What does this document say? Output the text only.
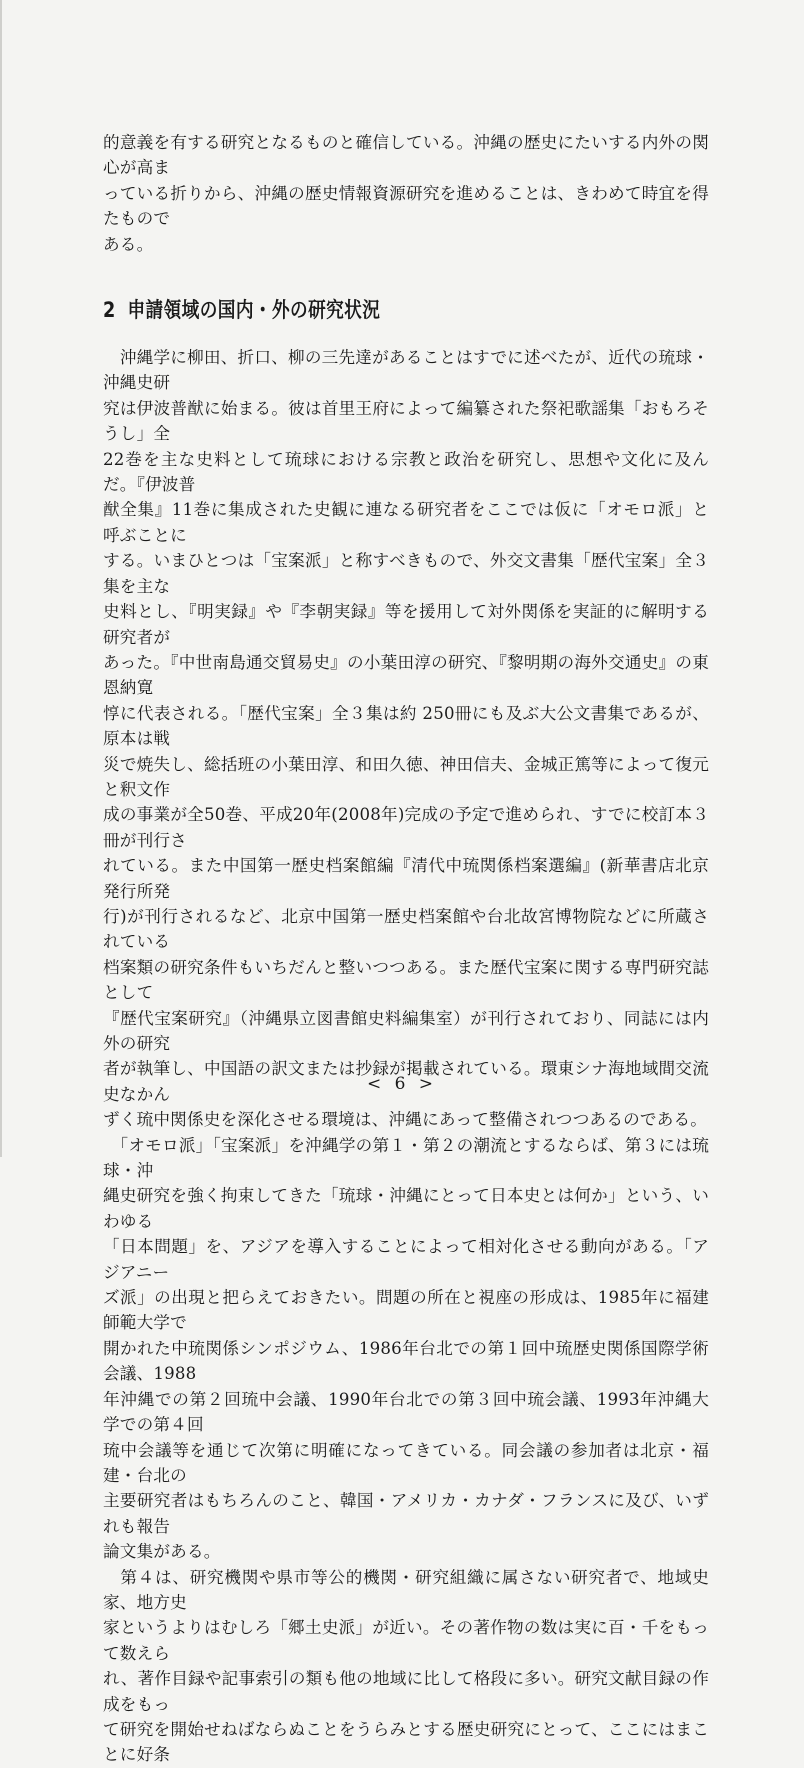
的意義を有する研究となるものと確信している。沖縄の歴史にたいする内外の関心が高ま
っている折りから、沖縄の歴史情報資源研究を進めることは、きわめて時宜を得たもので
ある。

2 申請領域の国内・外の研究状況

　沖縄学に柳田、折口、柳の三先達があることはすでに述べたが、近代の琉球・沖縄史研
究は伊波普猷に始まる。彼は首里王府によって編纂された祭祀歌謡集「おもろそうし」全
22巻を主な史料として琉球における宗教と政治を研究し、思想や文化に及んだ。『伊波普
猷全集』11巻に集成された史観に連なる研究者をここでは仮に「オモロ派」と呼ぶことに
する。いまひとつは「宝案派」と称すべきもので、外交文書集「歴代宝案」全３集を主な
史料とし、『明実録』や『李朝実録』等を援用して対外関係を実証的に解明する研究者が
あった。『中世南島通交貿易史』の小葉田淳の研究、『黎明期の海外交通史』の東恩納寛
惇に代表される。「歴代宝案」全３集は約 250冊にも及ぶ大公文書集であるが、原本は戦
災で焼失し、総括班の小葉田淳、和田久徳、神田信夫、金城正篤等によって復元と釈文作
成の事業が全50巻、平成20年(2008年)完成の予定で進められ、すでに校訂本３冊が刊行さ
れている。また中国第一歴史档案館編『清代中琉関係档案選編』(新華書店北京発行所発
行)が刊行されるなど、北京中国第一歴史档案館や台北故宮博物院などに所蔵されている
档案類の研究条件もいちだんと整いつつある。また歴代宝案に関する専門研究誌として
『歴代宝案研究』（沖縄県立図書館史料編集室）が刊行されており、同誌には内外の研究
者が執筆し、中国語の訳文または抄録が掲載されている。環東シナ海地域間交流史なかん
ずく琉中関係史を深化させる環境は、沖縄にあって整備されつつあるのである。

　「オモロ派」「宝案派」を沖縄学の第１・第２の潮流とするならば、第３には琉球・沖
縄史研究を強く拘束してきた「琉球・沖縄にとって日本史とは何か」という、いわゆる
「日本問題」を、アジアを導入することによって相対化させる動向がある。「アジアニー
ズ派」の出現と把らえておきたい。問題の所在と視座の形成は、1985年に福建師範大学で
開かれた中琉関係シンポジウム、1986年台北での第１回中琉歴史関係国際学術会議、1988
年沖縄での第２回琉中会議、1990年台北での第３回中琉会議、1993年沖縄大学での第４回
琉中会議等を通じて次第に明確になってきている。同会議の参加者は北京・福建・台北の
主要研究者はもちろんのこと、韓国・アメリカ・カナダ・フランスに及び、いずれも報告
論文集がある。

　第４は、研究機関や県市等公的機関・研究組織に属さない研究者で、地域史家、地方史
家というよりはむしろ「郷土史派」が近い。その著作物の数は実に百・千をもって数えら
れ、著作目録や記事索引の類も他の地域に比して格段に多い。研究文献目録の作成をもっ
て研究を開始せねばならぬことをうらみとする歴史研究にとって、ここにはまことに好条

< 6 >
